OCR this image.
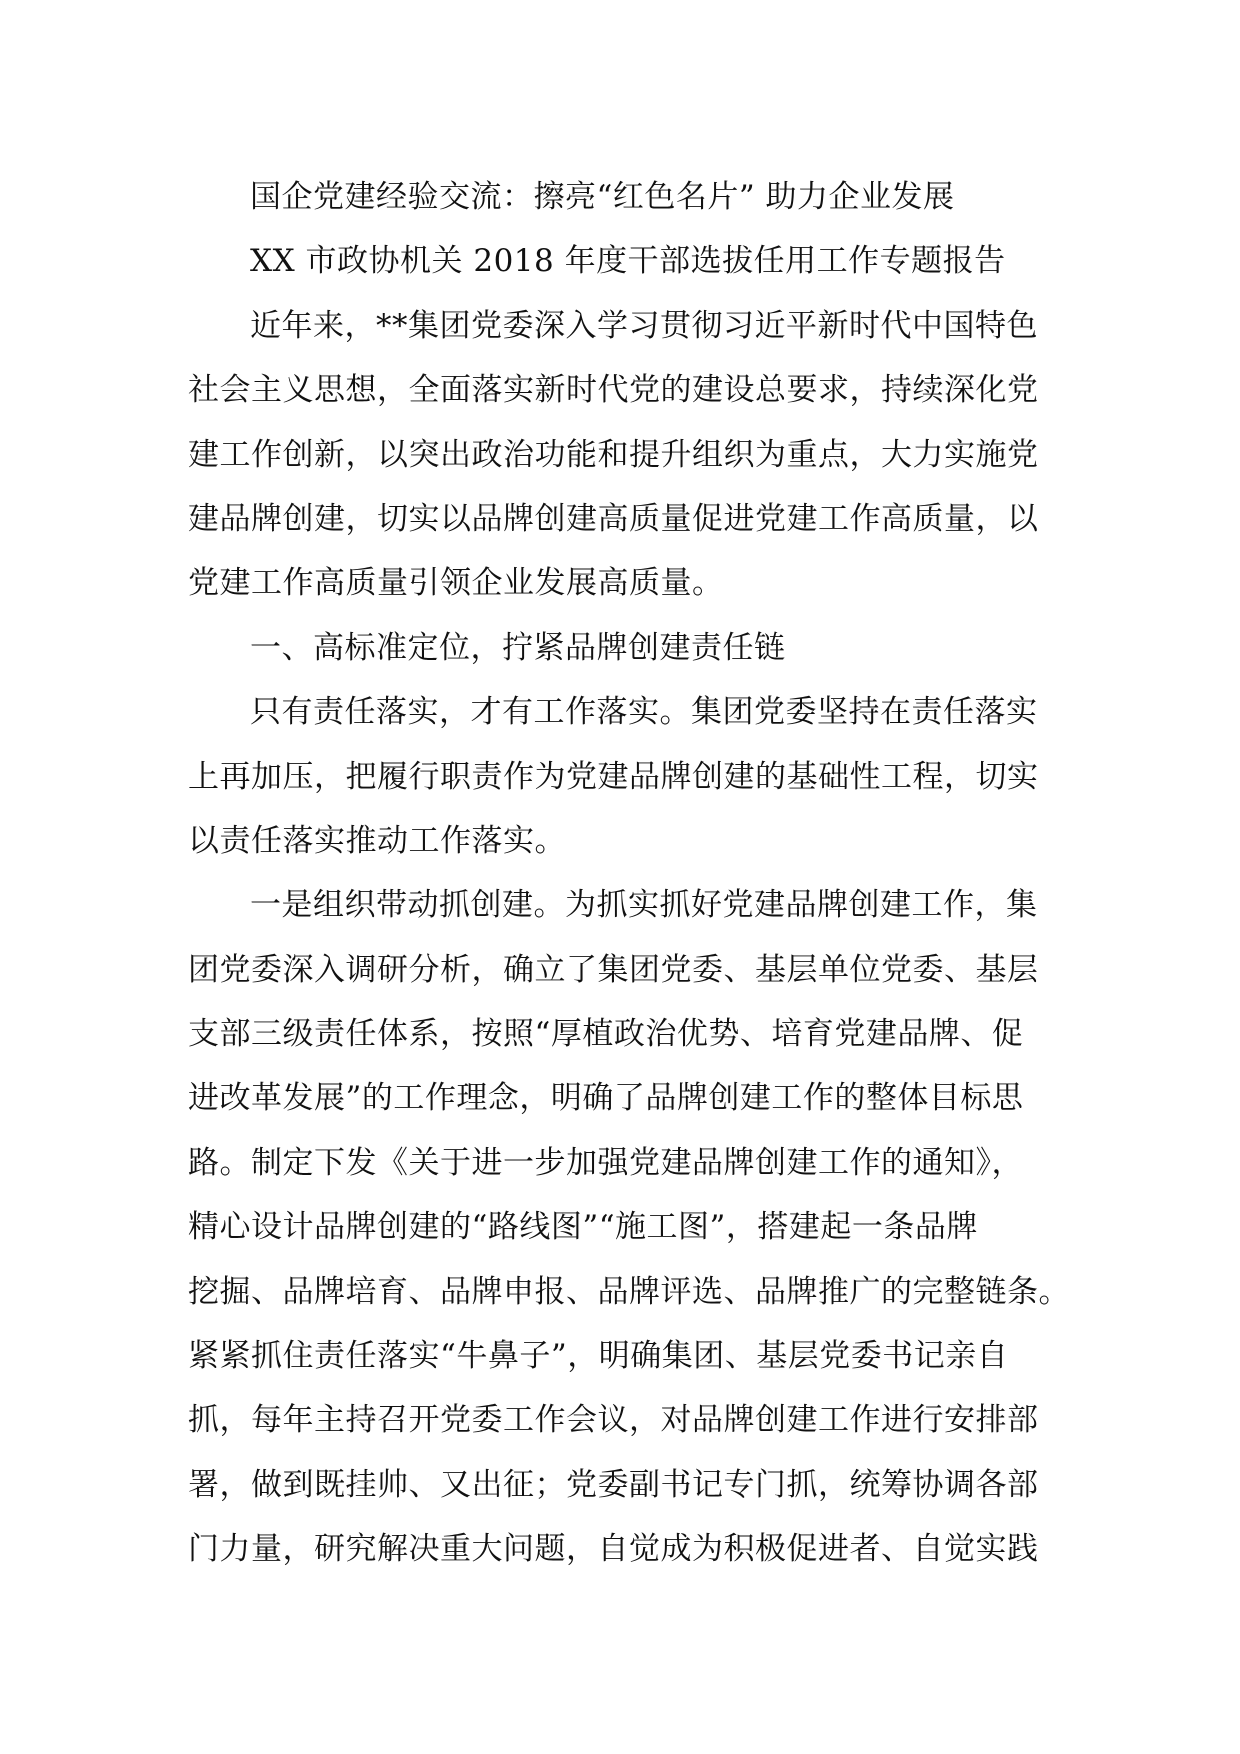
国企党建经验交流：擦亮“红色名片” 助力企业发展
XX 市政协机关 2018 年度干部选拔任用工作专题报告
近年来，**集团党委深入学习贯彻习近平新时代中国特色
社会主义思想，全面落实新时代党的建设总要求，持续深化党
建工作创新，以突出政治功能和提升组织为重点，大力实施党
建品牌创建，切实以品牌创建高质量促进党建工作高质量，以
党建工作高质量引领企业发展高质量。
一、高标准定位，拧紧品牌创建责任链
只有责任落实，才有工作落实。集团党委坚持在责任落实
上再加压，把履行职责作为党建品牌创建的基础性工程，切实
以责任落实推动工作落实。
一是组织带动抓创建。为抓实抓好党建品牌创建工作，集
团党委深入调研分析，确立了集团党委、基层单位党委、基层
支部三级责任体系，按照“厚植政治优势、培育党建品牌、促
进改革发展”的工作理念，明确了品牌创建工作的整体目标思
路。制定下发《关于进一步加强党建品牌创建工作的通知》，
精心设计品牌创建的“路线图”“施工图”，搭建起一条品牌
挖掘、品牌培育、品牌申报、品牌评选、品牌推广的完整链条。
紧紧抓住责任落实“牛鼻子”，明确集团、基层党委书记亲自
抓，每年主持召开党委工作会议，对品牌创建工作进行安排部
署，做到既挂帅、又出征；党委副书记专门抓，统筹协调各部
门力量，研究解决重大问题，自觉成为积极促进者、自觉实践
